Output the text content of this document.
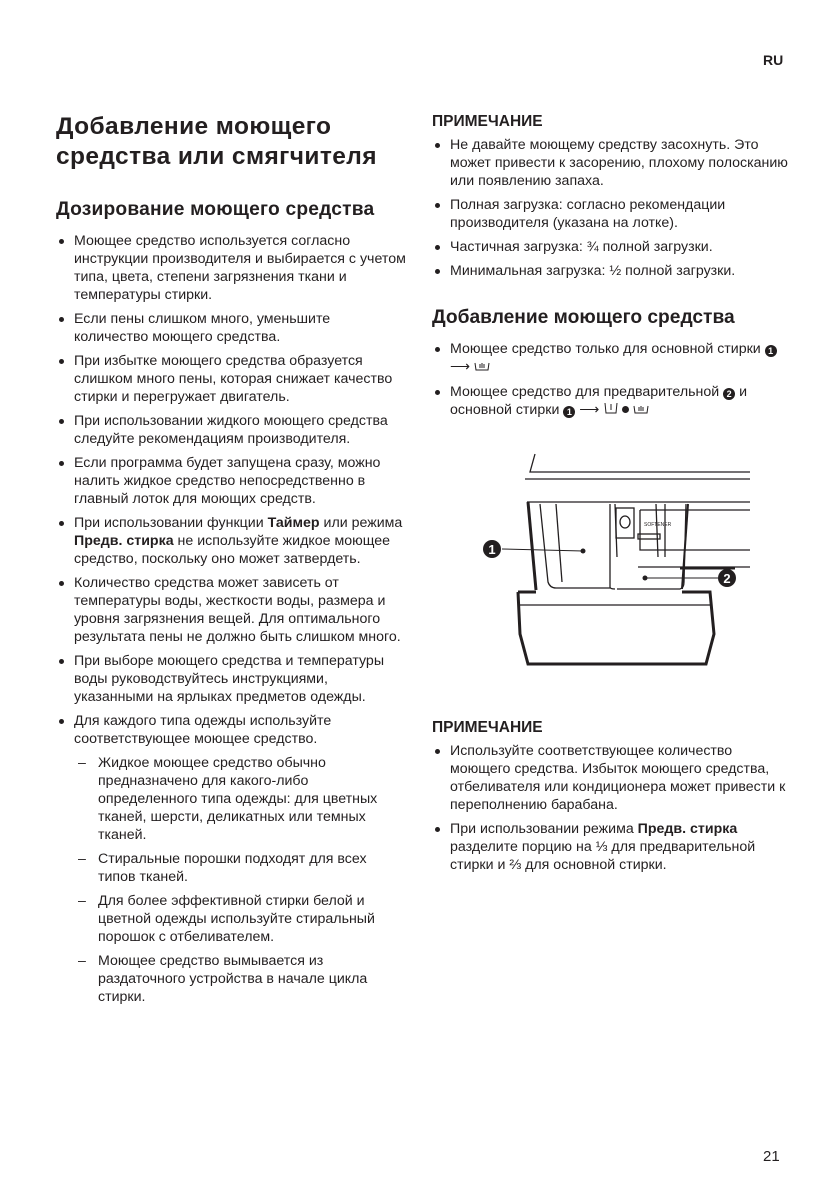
RU
Добавление моющего
средства или смягчителя
Дозирование моющего средства
Моющее средство используется согласно инструкции производителя и выбирается с учетом типа, цвета, степени загрязнения ткани и температуры стирки.
Если пены слишком много, уменьшите количество моющего средства.
При избытке моющего средства образуется слишком много пены, которая снижает качество стирки и перегружает двигатель.
При использовании жидкого моющего средства следуйте рекомендациям производителя.
Если программа будет запущена сразу, можно налить жидкое средство непосредственно в главный лоток для моющих средств.
При использовании функции Таймер или режима Предв. стирка не используйте жидкое моющее средство, поскольку оно может затвердеть.
Количество средства может зависеть от температуры воды, жесткости воды, размера и уровня загрязнения вещей. Для оптимального результата пены не должно быть слишком много.
При выборе моющего средства и температуры воды руководствуйтесь инструкциями, указанными на ярлыках предметов одежды.
Для каждого типа одежды используйте соответствующее моющее средство.
– Жидкое моющее средство обычно предназначено для какого-либо определенного типа одежды: для цветных тканей, шерсти, деликатных или темных тканей.
– Стиральные порошки подходят для всех типов тканей.
– Для более эффективной стирки белой и цветной одежды используйте стиральный порошок с отбеливателем.
– Моющее средство вымывается из раздаточного устройства в начале цикла стирки.
ПРИМЕЧАНИЕ
Не давайте моющему средству засохнуть. Это может привести к засорению, плохому полосканию или появлению запаха.
Полная загрузка: согласно рекомендации производителя (указана на лотке).
Частичная загрузка: ¾ полной загрузки.
Минимальная загрузка: ½ полной загрузки.
Добавление моющего средства
Моющее средство только для основной стирки 1 ⟶
Моющее средство для предварительной 2 и основной стирки 1 ⟶
SOFTENER
1
2
ПРИМЕЧАНИЕ
Используйте соответствующее количество моющего средства. Избыток моющего средства, отбеливателя или кондиционера может привести к переполнению барабана.
При использовании режима Предв. стирка разделите порцию на ⅓ для предварительной стирки и ⅔ для основной стирки.
21
